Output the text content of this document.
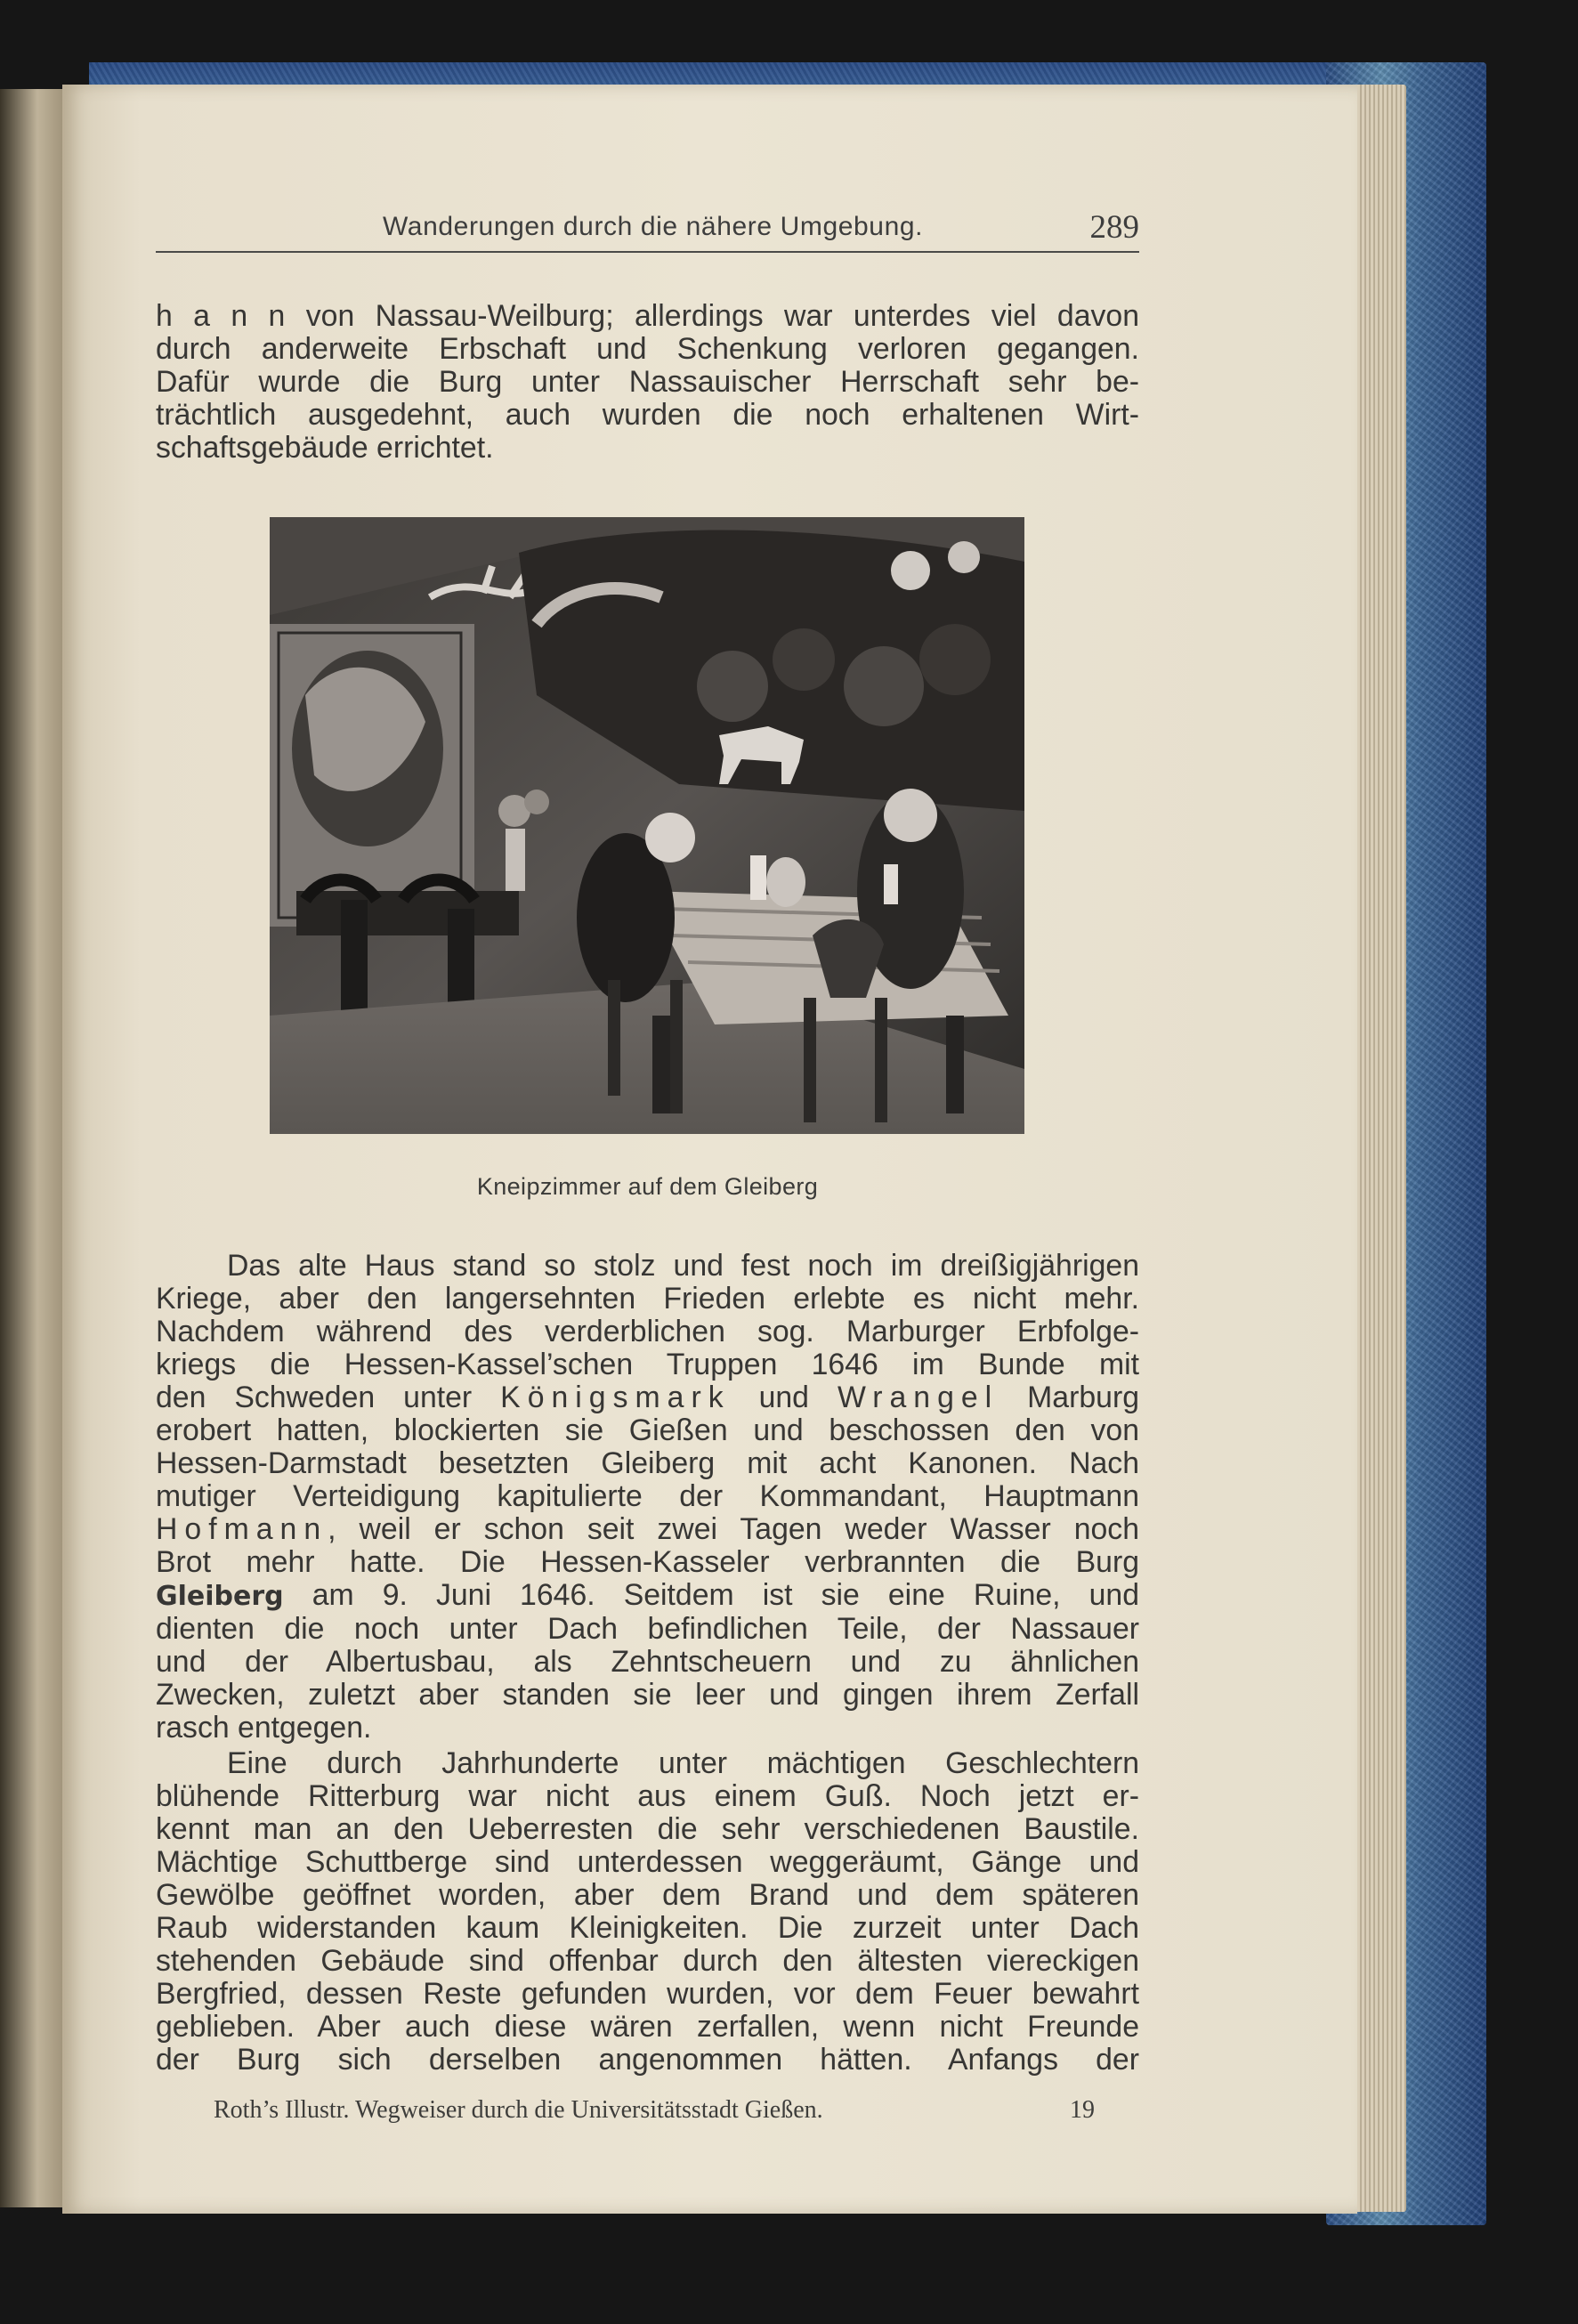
Wanderungen durch die nähere Umgebung.	289
h a n n von Nassau-Weilburg; allerdings war unterdes viel davon
durch anderweite Erbschaft und Schenkung verloren gegangen.
Dafür wurde die Burg unter Nassauischer Herrschaft sehr be-
trächtlich ausgedehnt, auch wurden die noch erhaltenen Wirt-
schaftsgebäude errichtet.
Kneipzimmer auf dem Gleiberg
Das alte Haus stand so stolz und fest noch im dreißigjährigen
Kriege, aber den langersehnten Frieden erlebte es nicht mehr.
Nachdem während des verderblichen sog. Marburger Erbfolge-
kriegs die Hessen-Kassel’schen Truppen 1646 im Bunde mit
den Schweden unter Königsmark und Wrangel Marburg
erobert hatten, blockierten sie Gießen und beschossen den von
Hessen-Darmstadt besetzten Gleiberg mit acht Kanonen. Nach
mutiger Verteidigung kapitulierte der Kommandant, Hauptmann
Hofmann, weil er schon seit zwei Tagen weder Wasser noch
Brot mehr hatte. Die Hessen-Kasseler verbrannten die Burg
Gleiberg am 9. Juni 1646. Seitdem ist sie eine Ruine, und
dienten die noch unter Dach befindlichen Teile, der Nassauer
und der Albertusbau, als Zehntscheuern und zu ähnlichen
Zwecken, zuletzt aber standen sie leer und gingen ihrem Zerfall
rasch entgegen.
Eine durch Jahrhunderte unter mächtigen Geschlechtern
blühende Ritterburg war nicht aus einem Guß. Noch jetzt er-
kennt man an den Ueberresten die sehr verschiedenen Baustile.
Mächtige Schuttberge sind unterdessen weggeräumt, Gänge und
Gewölbe geöffnet worden, aber dem Brand und dem späteren
Raub widerstanden kaum Kleinigkeiten. Die zurzeit unter Dach
stehenden Gebäude sind offenbar durch den ältesten viereckigen
Bergfried, dessen Reste gefunden wurden, vor dem Feuer bewahrt
geblieben. Aber auch diese wären zerfallen, wenn nicht Freunde
der Burg sich derselben angenommen hätten. Anfangs der
Roth’s Illustr. Wegweiser durch die Universitätsstadt Gießen.	19
